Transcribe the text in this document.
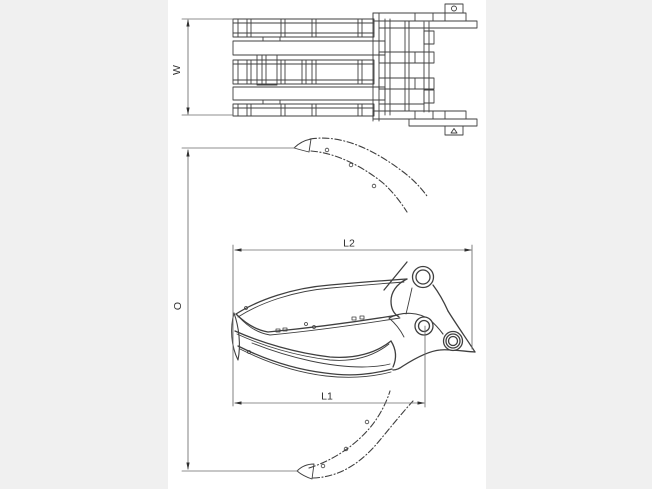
W
O
L2
L1
